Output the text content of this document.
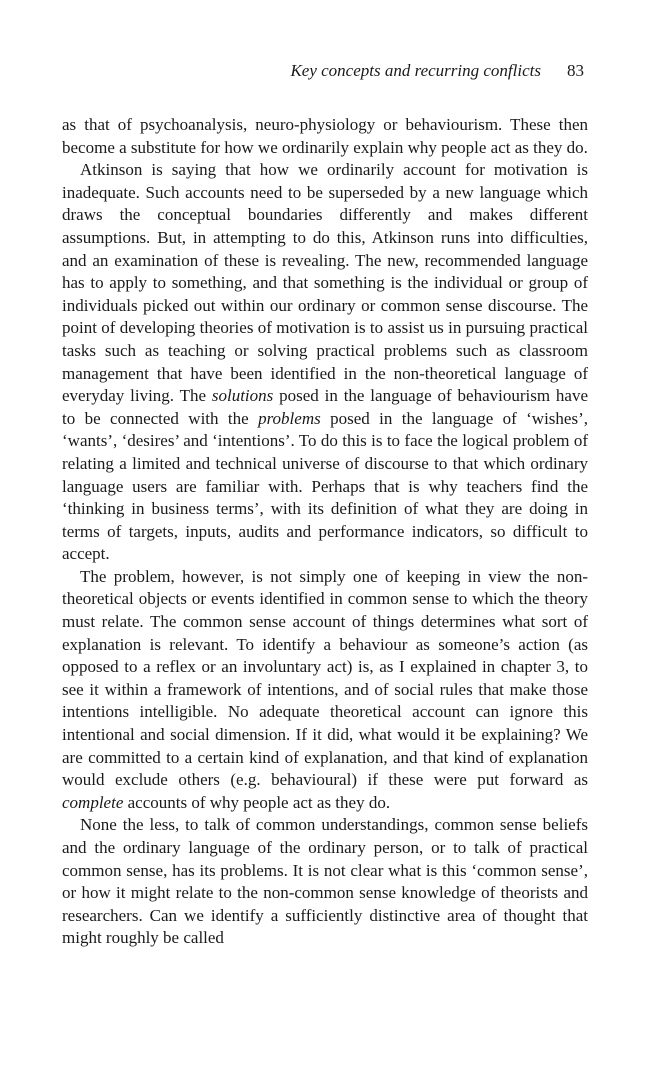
Key concepts and recurring conflicts 83

as that of psychoanalysis, neuro-physiology or behaviourism. These then become a substitute for how we ordinarily explain why people act as they do.

Atkinson is saying that how we ordinarily account for motivation is inadequate. Such accounts need to be superseded by a new language which draws the conceptual boundaries differently and makes different assumptions. But, in attempting to do this, Atkinson runs into difficulties, and an examination of these is revealing. The new, recommended language has to apply to something, and that something is the individual or group of individuals picked out within our ordinary or common sense discourse. The point of developing theories of motivation is to assist us in pursuing practical tasks such as teaching or solving practical problems such as classroom management that have been identified in the non-theoretical language of everyday living. The solutions posed in the language of behaviourism have to be connected with the problems posed in the language of ‘wishes’, ‘wants’, ‘desires’ and ‘intentions’. To do this is to face the logical problem of relating a limited and technical universe of discourse to that which ordinary language users are familiar with. Perhaps that is why teachers find the ‘thinking in business terms’, with its definition of what they are doing in terms of targets, inputs, audits and performance indicators, so difficult to accept.

The problem, however, is not simply one of keeping in view the non-theoretical objects or events identified in common sense to which the theory must relate. The common sense account of things determines what sort of explanation is relevant. To identify a behaviour as someone’s action (as opposed to a reflex or an involuntary act) is, as I explained in chapter 3, to see it within a framework of intentions, and of social rules that make those intentions intelligible. No adequate theoretical account can ignore this intentional and social dimension. If it did, what would it be explaining? We are committed to a certain kind of explanation, and that kind of explanation would exclude others (e.g. behavioural) if these were put forward as complete accounts of why people act as they do.

None the less, to talk of common understandings, common sense beliefs and the ordinary language of the ordinary person, or to talk of practical common sense, has its problems. It is not clear what is this ‘common sense’, or how it might relate to the non-common sense knowledge of theorists and researchers. Can we identify a sufficiently distinctive area of thought that might roughly be called
